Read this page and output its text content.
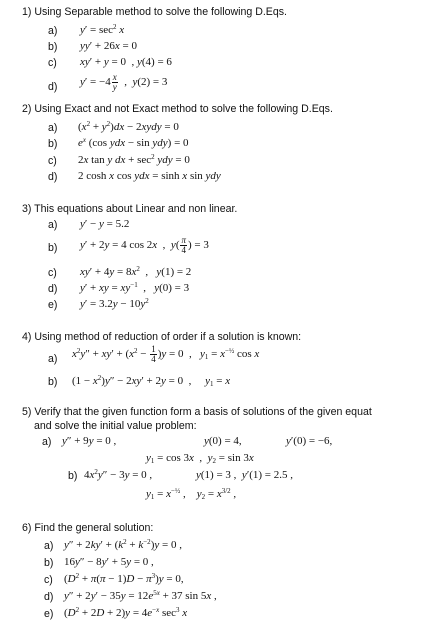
1) Using Separable method to solve the following D.Eqs.
a) $y' = \sec^2 x$
b) yy′ + 26x = 0
c) xy′ + y = 0  , y(4) = 6
d) $y' = -4 \frac{x}{y}$ ,  y(2) = 3
2) Using Exact and not Exact method to solve the following D.Eqs.
a) $(x^2 + y^2)dx$ − 2xydy = 0
b) $e^x$ (cos ydx − sin ydy) = 0
c) 2x tan y dx + $\sec^2$ ydy = 0
d) 2 cosh x cos ydx = sinh x sin ydy
3) This equations about Linear and non linear.
a) y′ − y = 5.2
b) y′ + 2y = 4 cos 2x  ,  $y( \frac{\pi}{4}$ ) = 3
c) $xy' + 4y = 8x^2$  ,   y(1) = 2
d) y′ + xy = $xy^{-1}$  ,   y(0) = 3
e) $y' = 3.2y - 10y^2$
4) Using method of reduction of order if a solution is known:
a) $x^2y'' + xy' + (x^2 - \frac{1}{4} )y = 0$  ,   $y_1 = x^{-\frac{1}{2}}$ cos x
b) $(1 - x^2)y'' - 2xy' + 2y = 0$  ,     $y_1 = x$
5) Verify that the given function form a basis of solutions of the given equat
and solve the initial value problem:
a) y″ + 9y = 0 ,	y(0) = 4,	y′(0) = −6,
$y_1 = \cos 3x$  ,  $y_2 = \sin 3x$
b) $4x^2y'' - 3y = 0$ ,	y(1) = 3 ,  y′(1) = 2.5 ,
$y_1 = x^{-\frac{1}{2}}$ ,    $y_2 = x^{3/2}$ ,
6) Find the general solution:
a) $y'' + 2ky' + (k^2 + k^{-2})y = 0$ ,
b) 16y″ − 8y′ + 5y = 0 ,
c) $(D^2 + \pi(\pi - 1)D - \pi^3)y = 0$,
d) $y'' + 2y' - 35y = 12e^{5x} + 37$ sin 5x ,
e) $(D^2 + 2D + 2)y = 4e^{-x}$ $\sec^3 x$
